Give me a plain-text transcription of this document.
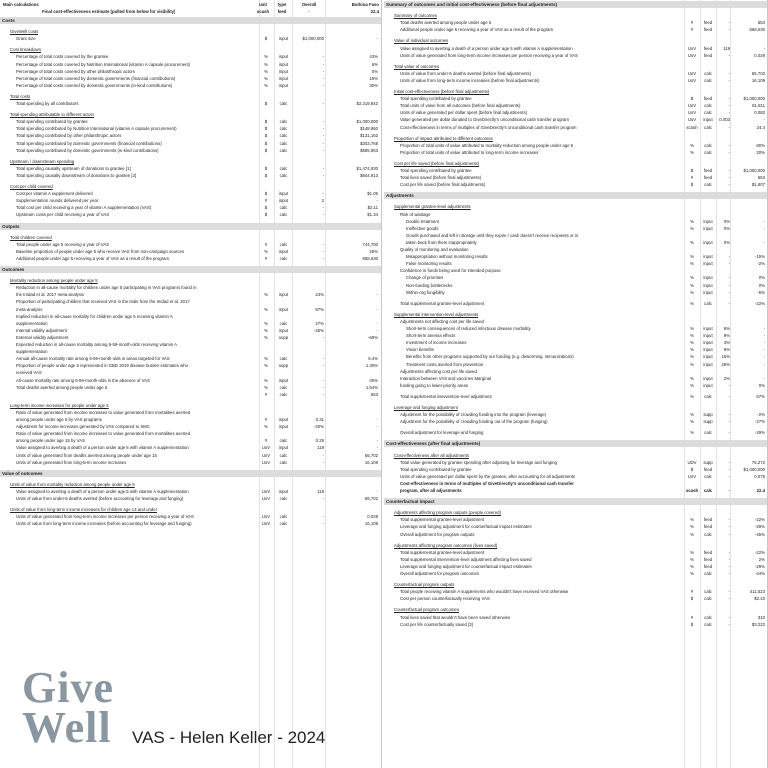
Main calculations	unit	type	Overall	Burkina Faso
Final cost-effectiveness estimate (pulled from below for visibility)	xcash	feed	-	22.4
Costs
GiveWell costs
Grant size	$	input	$1,000,000	-
Cost breakdown
Percentage of total costs covered by the grantee	%	input	-	43%
Percentage of total costs covered by Nutrition International (vitamin A capsule procurement)	%	input	-	6%
Percentage of total costs covered by other philanthropic actors	%	input	-	0%
Percentage of total costs covered by domestic governments (financial contributions)	%	input	-	15%
Percentage of total costs covered by domestic governments (in-kind contributions)	%	input	-	30%
Total costs
Total spending by all contributors	$	calc	-	$2,319,842
Total spending attributable to different actors
Total spending contributed by grantee	$	calc	-	$1,000,000
Total spending contributed by Nutrition International (vitamin A capsule procurement)	$	calc	-	$148,960
Total spending contributed by other philanthropic actors	$	calc	-	$131,162
Total spending contributed by domestic governments (financial contributions)	$	calc	-	$343,768
Total spending contributed by domestic governments (in-kind contributions)	$	calc	-	$695,953
Upstream / downstream spending
Total spending causally upstream of donations to grantee [1]	$	calc	-	$1,474,930
Total spending causally downstream of donations to grantee [2]	$	calc	-	$844,913
Cost per child covered
Cost per vitamin A supplement delivered	$	input	-	$1.06
Supplementation rounds delivered per year	#	input	2	-
Total cost per child receiving a year of vitamin A supplementation (VAS)	$	calc	-	$2.11
Upstream costs per child receiving a year of VAS	$	calc	-	$1.34
Outputs
Total children covered
Total people under age 5 receiving a year of VAS	#	calc	-	744,700
Baseline proportion of people under age 5 who receive VAS from non-campaign sources	%	input	-	25%
Additional people under age 5 receiving a year of VAS as a result of the program	#	calc	-	558,530
Outcomes
Mortality reduction among people under age 5
Reduction in all-cause mortality for children under age 5 participating in VAS programs found in
the Imdad et al. 2017 meta-analysis	%	input	24%	-
Proportion of participating children that received VAS in the trials from the Imdad et al. 2017
meta-analysis	%	input	87%	-
Implied reduction in all-cause mortality for children under age 5 receiving vitamin A
supplementation	%	calc	27%	-
Internal validity adjustment	%	input	-25%	-
External validity adjustment	%	supp	-	-69%
Expected reduction in all-cause mortality among 6-59-month-olds receiving vitamin A
supplementation
Annual all-cause mortality rate among 6-59-month-olds in areas targeted for VAS	%	calc	-	6.4%
Proportion of people under age 5 represented in GBD 2019 disease burden estimates who	%	supp	-	1.30%
received VAS
All-cause mortality rate among 6-59-month-olds in the absence of VAS	%	input	-	40%
Total deaths averted among people under age 5	%	calc	-	1.54%
#	calc	-	553
Long-term income increases for people under age 5
Ratio of value generated from income increases to value generated from mortalities averted
among people under age 5 by VAS programs	#	input	0.31	-
Adjustment for income increases generated by VAS compared to SMC	%	input	-20%	-
Ratio of value generated from income increases to value generated from mortalities averted
among people under age 15 by VAS	#	calc	0.25	-
Value assigned to averting a death of a person under age 5 with vitamin A supplementation	UoV	input	119	-
Units of value generated from deaths averted among people under age 15	UoV	calc	-	65,702
Units of value generated from long-term income increases	UoV	calc	-	16,109
Value of outcomes
Units of value from mortality reduction among people under age 5
Value assigned to averting a death of a person under age 5 with vitamin A supplementation	UoV	input	119	-
Units of value from under-5 deaths averted (before accounting for leverage and funging)	UoV	calc	-	65,702
Units of value from long-term income increases for children age 14 and under
Units of value generated from long-term income increases per person receiving a year of VAS	UoV	calc	-	0.029
Units of value from long-term income increases (before accounting for leverage and funging)	UoV	calc	-	16,109
Give
Well VAS - Helen Keller - 2024
Summary of outcomes and initial cost-effectiveness (before final adjustments)
Summary of outcomes
Total deaths averted among people under age 5	#	feed	-	553
Additional people under age 5 receiving a year of VAS as a result of the program	#	feed	-	558,530
Value of individual outcomes
Value assigned to averting a death of a person under age 5 with vitamin A supplementation	UoV	feed	119	-
Units of value generated from long-term income increases per person receiving a year of VAS	UoV	feed	-	0.029
Total value of outcomes
Units of value from under-5 deaths averted (before final adjustments)	UoV	calc	-	65,702
Units of value from long-term income increases (before final adjustments)	UoV	calc	-	16,109
Initial cost-effectiveness (before final adjustments)
Total spending contributed by grantee	$	feed	-	$1,000,000
Total units of value from all outcomes (before final adjustments)	UoV	calc	-	81,811
Units of value generated per dollar spent (before final adjustments)	UoV	calc	-	0.082
Value generated per dollar donated to GiveDirectly's unconditional cash transfer program	UoV	input	0.003	-
Cost-effectiveness in terms of multiples of GiveDirectly's unconditional cash transfer program	xcash	calc	-	24.4
Proportion of impact attributed to different outcomes
Proportion of total units of value attributed to mortality reduction among people under age 5	%	calc	-	80%
Proportion of total units of value attributed to long-term income increases	%	calc	-	20%
Cost per life saved (before final adjustments)
Total spending contributed by grantee	$	feed	-	$1,000,000
Total lives saved (before final adjustments)	#	feed	-	553
Cost per life saved (before final adjustments)	$	calc	-	$1,807
Adjustments
Supplemental grantee-level adjustments
Risk of wastage
Double treatment	%	input	0%	-
Ineffective goods	%	input	0%	-
Goods purchased and left in storage until they expire / cash doesn't receive recipients or is
taken back from them inappropriately	%	input	0%	-
Quality of monitoring and evaluation
Misappropriation without monitoring results	%	input	-	-15%
False monitoring results	%	input	-	-2%
Confidence in funds being used for intended purpose
Change of priorities	%	input	-	0%
Non-funding bottlenecks	%	input	-	0%
Within-org fungibility	%	input	-	-5%
Total supplemental grantee-level adjustment	%	calc	-	-22%
Supplemental intervention-level adjustments
Adjustments not affecting cost per life saved
Short-term consequences of reduced infectious disease morbidity	%	input	6%	-
Short-term anemia effects	%	input	9%	-
Investment of income increases	%	input	3%	-
Vision benefits	%	input	9%	-
Benefits from other programs supported by our funding (e.g. deworming, immunizations)	%	input	16%	-
Treatment costs averted from prevention	%	input	26%	-
Adjustments affecting cost per life saved
Interaction between VAS and vaccines Marginal	%	input	2%	-
funding going to lower priority areas	%	input	-	0%
Total supplemental intervention-level adjustment	%	calc	-	67%
Leverage and funging adjustment
Adjustment for the possibility of crowding funding into the program (leverage)	%	supp	-	-2%
Adjustment for the possibility of crowding funding out of the program (funging)	%	supp	-	-27%
Overall adjustment for leverage and funging	%	calc	-	-29%
Cost-effectiveness (after final adjustments)
Cost-effectiveness after all adjustments
Total value generated by grantee spending after adjusting for leverage and funging	UDV	supp	-	75,272
Total spending contributed by grantee	$	feed	-	$1,000,000
Units of value generated per dollar spent by the grantee, after accounting for all adjustments	UoV	calc	-	0.075
Cost-effectiveness in terms of multiples of GiveDirectly's unconditional cash transfer
program, after all adjustments	xcash	calc	-	22.4
Counterfactual impact
Adjustments affecting program outputs (people covered)
Total supplemental grantee-level adjustment	%	feed	-	-22%
Leverage and funging adjustment for counterfactual impact estimates	%	feed	-	-29%
Overall adjustment for program outputs	%	calc	-	-45%
Adjustments affecting program outcomes (lives saved)
Total supplemental grantee-level adjustment	%	feed	-	-22%
Total supplemental intervention-level adjustment affecting lives saved	%	feed	-	2%
Leverage and funging adjustment for counterfactual impact estimates	%	feed	-	-29%
Overall adjustment for program outcomes	%	calc	-	-44%
Counterfactual program outputs
Total people receiving vitamin A supplements who wouldn't have received VAS otherwise	#	calc	-	411,523
Cost per person counterfactually receiving VAS	$	calc	-	$2.43
Counterfactual program outcomes
Total lives saved that wouldn't have been saved otherwise	#	calc	-	310
Cost per life counterfactually saved [3]	$	calc	-	$3,222
